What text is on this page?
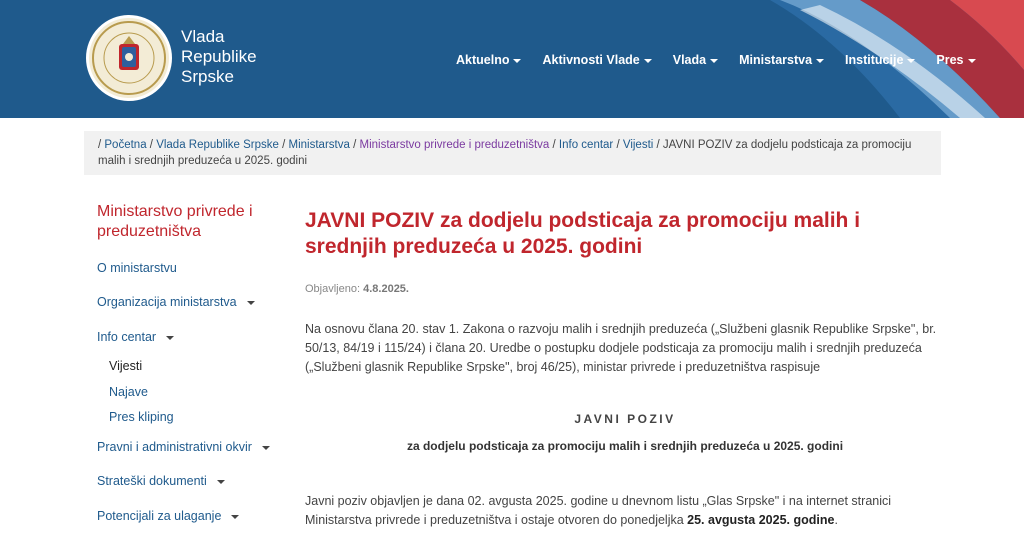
Vlada
Republike
Srpske
Aktuelno	Aktivnosti Vlade	Vlada	Ministarstva	Institucije	Pres
/ Početna / Vlada Republike Srpske / Ministarstva / Ministarstvo privrede i preduzetništva / Info centar / Vijesti / JAVNI POZIV za dodjelu podsticaja za promociju malih i srednjih preduzeća u 2025. godini
Ministarstvo privrede i preduzetništva
O ministarstvu
Organizacija ministarstva
Info centar
Vijesti
Najave
Pres kliping
Pravni i administrativni okvir
Strateški dokumenti
Potencijali za ulaganje
JAVNI POZIV za dodjelu podsticaja za promociju malih i srednjih preduzeća u 2025. godini
Objavljeno: 4.8.2025.

Na osnovu člana 20. stav 1. Zakona o razvoju malih i srednjih preduzeća („Službeni glasnik Republike Srpske", br. 50/13, 84/19 i 115/24) i člana 20. Uredbe o postupku dodjele podsticaja za promociju malih i srednjih preduzeća („Službeni glasnik Republike Srpske", broj 46/25), ministar privrede i preduzetništva raspisuje

JAVNI POZIV
za dodjelu podsticaja za promociju malih i srednjih preduzeća u 2025. godini

Javni poziv objavljen je dana 02. avgusta 2025. godine u dnevnom listu „Glas Srpske" i na internet stranici Ministarstva privrede i preduzetništva i ostaje otvoren do ponedjeljka 25. avgusta 2025. godine.
